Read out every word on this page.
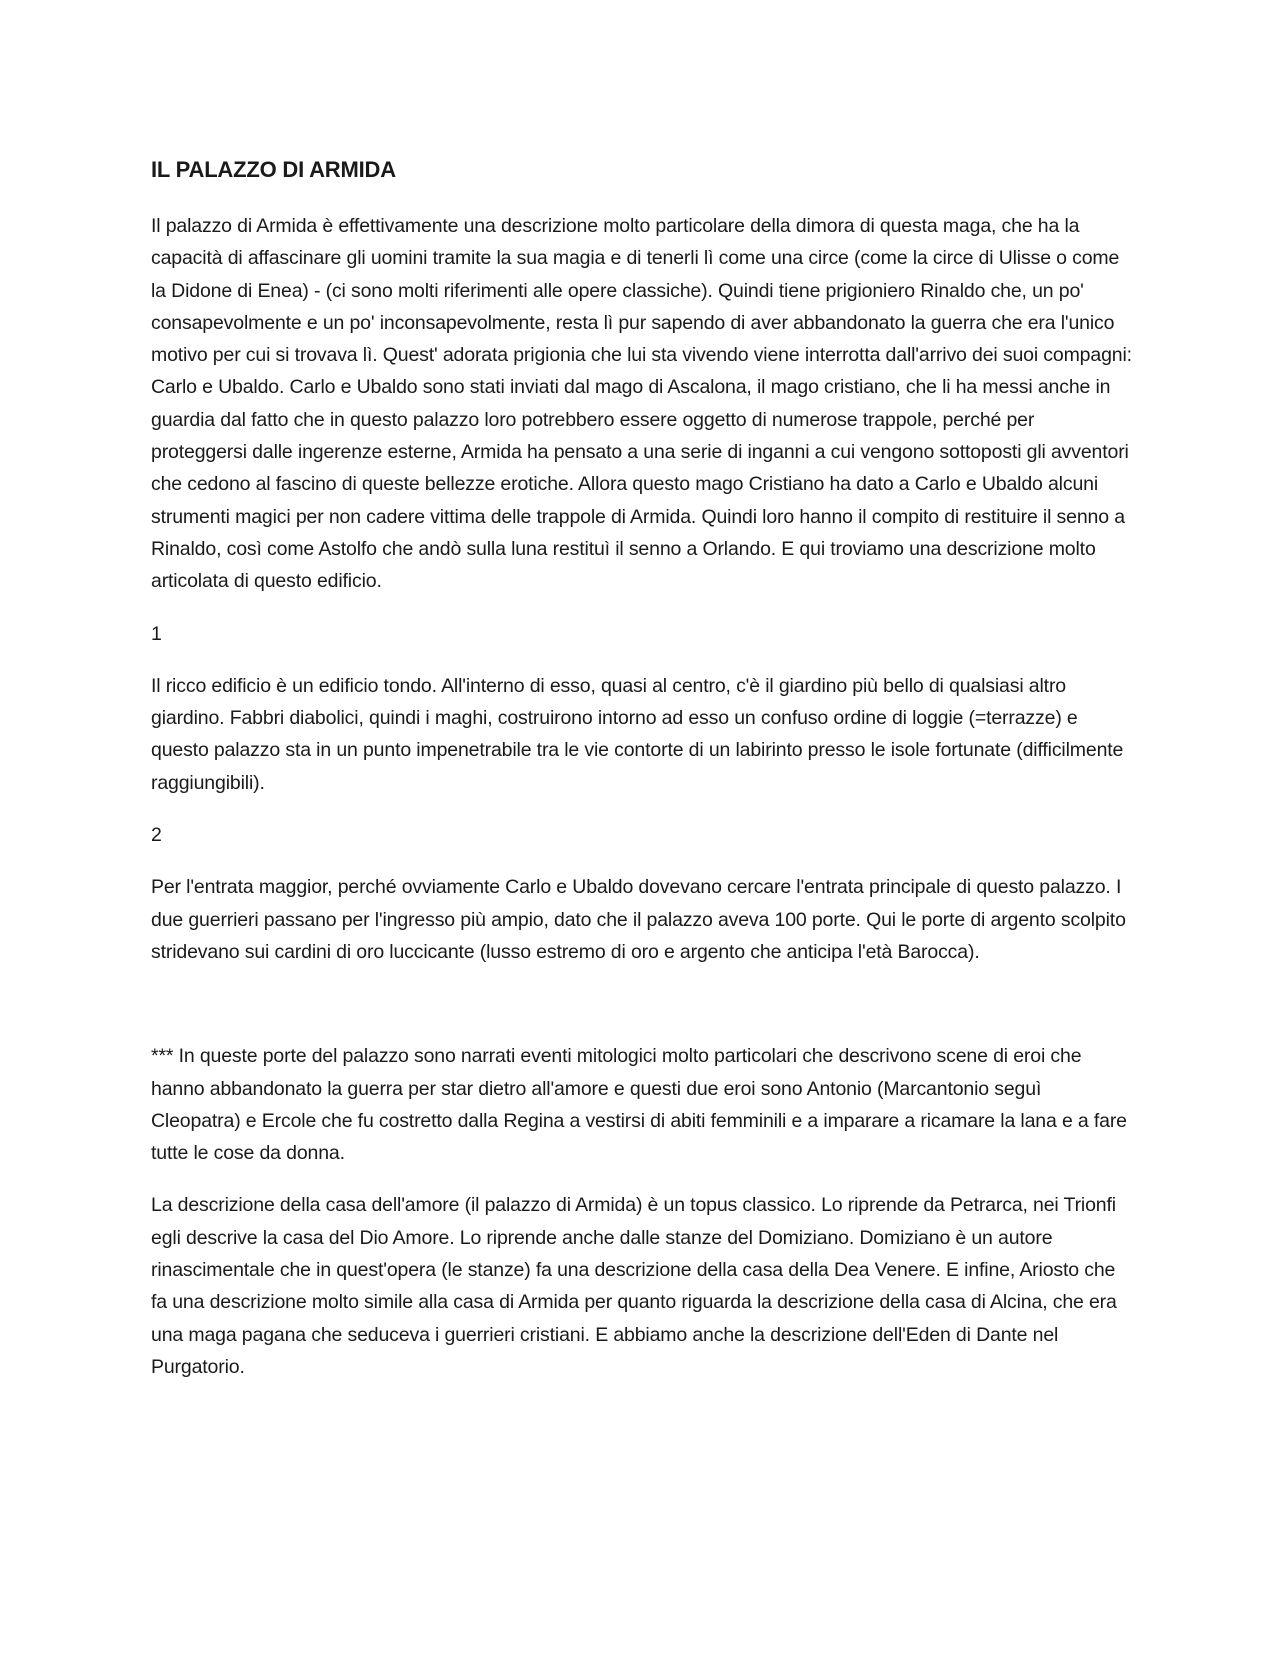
IL PALAZZO DI ARMIDA

Il palazzo di Armida è effettivamente una descrizione molto particolare della dimora di questa maga, che ha la capacità di affascinare gli uomini tramite la sua magia e di tenerli lì come una circe (come la circe di Ulisse o come la Didone di Enea) - (ci sono molti riferimenti alle opere classiche). Quindi tiene prigioniero Rinaldo che, un po' consapevolmente e un po' inconsapevolmente, resta lì pur sapendo di aver abbandonato la guerra che era l'unico motivo per cui si trovava lì. Quest' adorata prigionia che lui sta vivendo viene interrotta dall'arrivo dei suoi compagni: Carlo e Ubaldo. Carlo e Ubaldo sono stati inviati dal mago di Ascalona, il mago cristiano, che li ha messi anche in guardia dal fatto che in questo palazzo loro potrebbero essere oggetto di numerose trappole, perché per proteggersi dalle ingerenze esterne, Armida ha pensato a una serie di inganni a cui vengono sottoposti gli avventori che cedono al fascino di queste bellezze erotiche. Allora questo mago Cristiano ha dato a Carlo e Ubaldo alcuni strumenti magici per non cadere vittima delle trappole di Armida. Quindi loro hanno il compito di restituire il senno a Rinaldo, così come Astolfo che andò sulla luna restituì il senno a Orlando. E qui troviamo una descrizione molto articolata di questo edificio.

1

Il ricco edificio è un edificio tondo. All'interno di esso, quasi al centro, c'è il giardino più bello di qualsiasi altro giardino. Fabbri diabolici, quindi i maghi, costruirono intorno ad esso un confuso ordine di loggie (=terrazze) e questo palazzo sta in un punto impenetrabile tra le vie contorte di un labirinto presso le isole fortunate (difficilmente raggiungibili).

2

Per l'entrata maggior, perché ovviamente Carlo e Ubaldo dovevano cercare l'entrata principale di questo palazzo. I due guerrieri passano per l'ingresso più ampio, dato che il palazzo aveva 100 porte. Qui le porte di argento scolpito stridevano sui cardini di oro luccicante (lusso estremo di oro e argento che anticipa l'età Barocca).

*** In queste porte del palazzo sono narrati eventi mitologici molto particolari che descrivono scene di eroi che hanno abbandonato la guerra per star dietro all'amore e questi due eroi sono Antonio (Marcantonio seguì Cleopatra) e Ercole che fu costretto dalla Regina a vestirsi di abiti femminili e a imparare a ricamare la lana e a fare tutte le cose da donna.

La descrizione della casa dell'amore (il palazzo di Armida) è un topus classico. Lo riprende da Petrarca, nei Trionfi egli descrive la casa del Dio Amore. Lo riprende anche dalle stanze del Domiziano. Domiziano è un autore rinascimentale che in quest'opera (le stanze) fa una descrizione della casa della Dea Venere. E infine, Ariosto che fa una descrizione molto simile alla casa di Armida per quanto riguarda la descrizione della casa di Alcina, che era una maga pagana che seduceva i guerrieri cristiani. E abbiamo anche la descrizione dell'Eden di Dante nel Purgatorio.
